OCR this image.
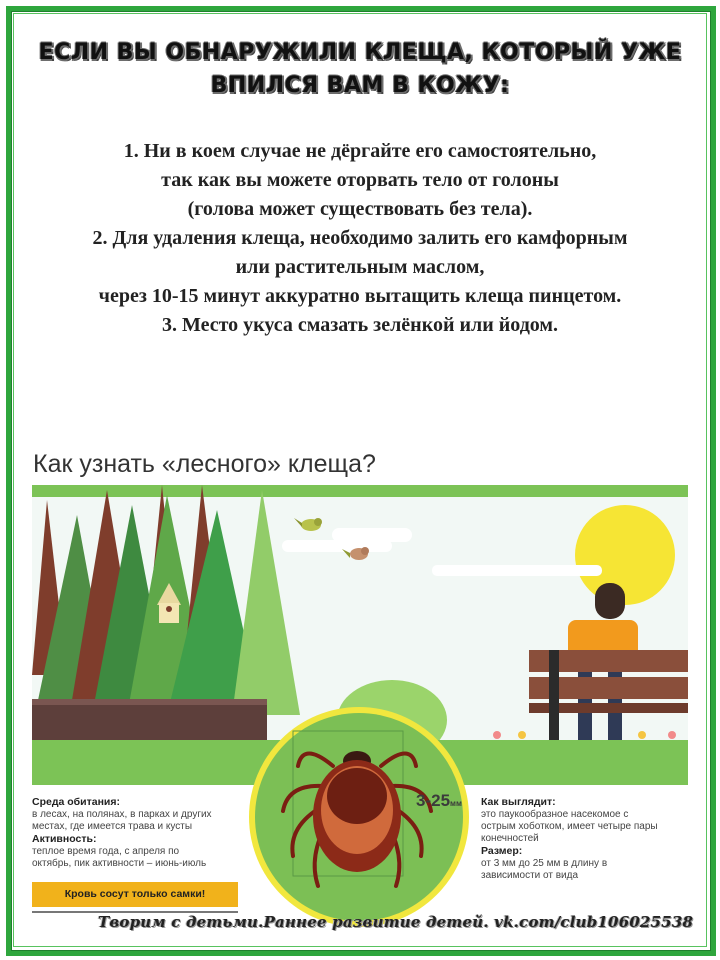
ЕСЛИ ВЫ ОБНАРУЖИЛИ КЛЕЩА, КОТОРЫЙ УЖЕ
ВПИЛСЯ ВАМ В КОЖУ:
1. Ни в коем случае не дёргайте его самостоятельно,
так как вы можете оторвать тело от голоны
(голова может существовать без тела).
2. Для удаления клеща, необходимо залить его камфорным
или растительным маслом,
через 10-15 минут аккуратно вытащить клеща пинцетом.
3. Место укуса смазать зелёнкой или йодом.
Как узнать «лесного» клеща?
3-25мм
Среда обитания:
в лесах, на полянах, в парках и других
местах, где имеется трава и кусты
Активность:
теплое время года, с апреля по
октябрь, пик активности – июнь-июль
Как выглядит:
это паукообразное насекомое с
острым хоботком, имеет четыре пары
конечностей
Размер:
от 3 мм до 25 мм в длину в
зависимости от вида
Кровь сосут только самки!
Творим с детьми.Раннее развитие детей. vk.com/club106025538
